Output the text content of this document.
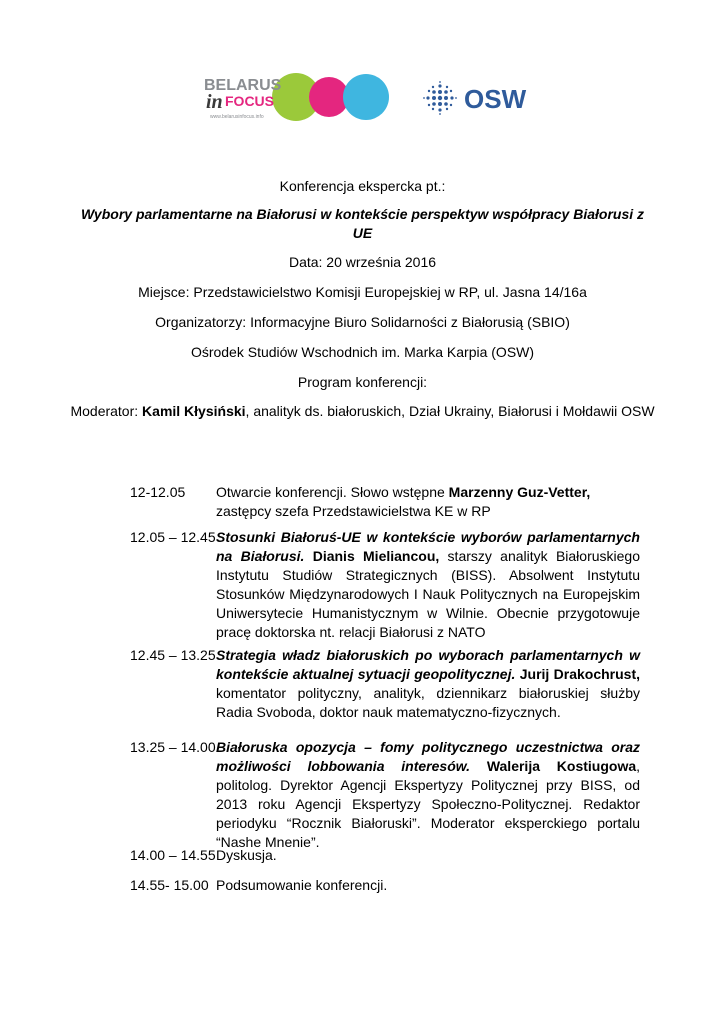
BELARUS
in FOCUS
www.belarusinfocus.info
OSW
Konferencja ekspercka pt.:
Wybory parlamentarne na Białorusi w kontekście perspektyw współpracy Białorusi z UE
Data: 20 września 2016
Miejsce: Przedstawicielstwo Komisji Europejskiej w RP, ul. Jasna 14/16a
Organizatorzy: Informacyjne Biuro Solidarności z Białorusią (SBIO)
Ośrodek Studiów Wschodnich im. Marka Karpia (OSW)
Program konferencji:
Moderator: Kamil Kłysiński, analityk ds. białoruskich, Dział Ukrainy, Białorusi i Mołdawii OSW
12-12.05	Otwarcie konferencji. Słowo wstępne Marzenny Guz-Vetter, zastępcy szefa Przedstawicielstwa KE w RP
12.05 – 12.45 Stosunki Białoruś-UE w kontekście wyborów parlamentarnych na Białorusi. Dianis Mieliancou, starszy analityk Białoruskiego Instytutu Studiów Strategicznych (BISS). Absolwent Instytutu Stosunków Międzynarodowych I Nauk Politycznych na Europejskim Uniwersytecie Humanistycznym w Wilnie. Obecnie przygotowuje pracę doktorska nt. relacji Białorusi z NATO
12.45 – 13.25 Strategia władz białoruskich po wyborach parlamentarnych w kontekście aktualnej sytuacji geopolitycznej. Jurij Drakochrust, komentator polityczny, analityk, dziennikarz białoruskiej służby Radia Svoboda, doktor nauk matematyczno-fizycznych.
13.25 – 14.00 Białoruska opozycja – fomy politycznego uczestnictwa oraz możliwości lobbowania interesów. Walerija Kostiugowa, politolog. Dyrektor Agencji Ekspertyzy Politycznej przy BISS, od 2013 roku Agencji Ekspertyzy Społeczno-Politycznej. Redaktor periodyku “Rocznik Białoruski”. Moderator eksperckiego portalu “Nashe Mnenie”.
14.00 – 14.55 Dyskusja.
14.55- 15.00 Podsumowanie konferencji.
